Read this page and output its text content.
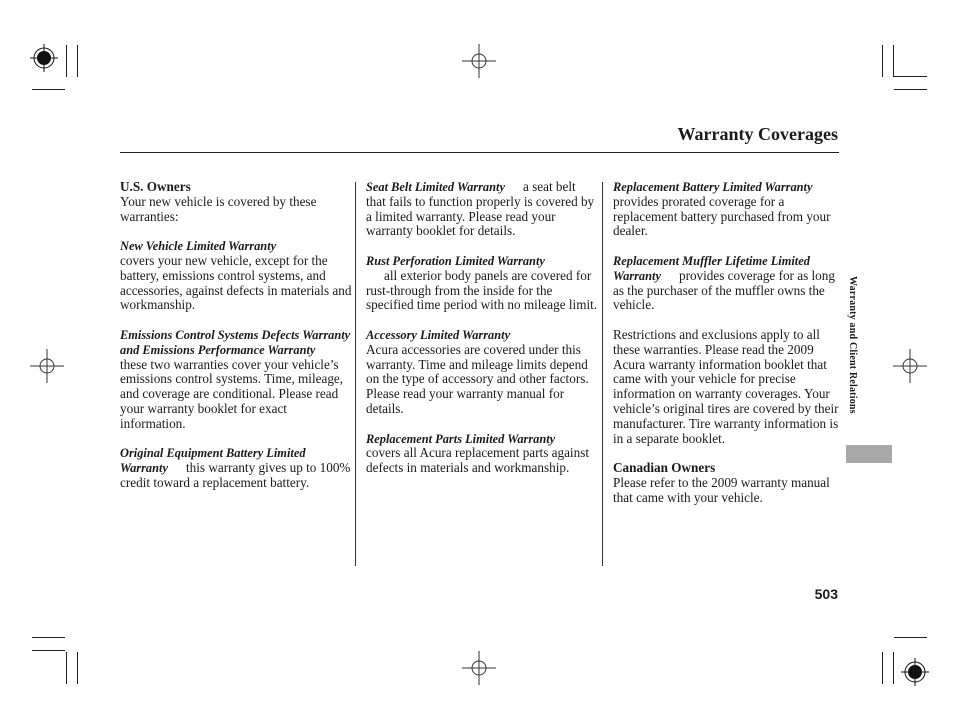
Warranty Coverages

U.S. Owners
Your new vehicle is covered by these warranties:

New Vehicle Limited Warranty
covers your new vehicle, except for the battery, emissions control systems, and accessories, against defects in materials and workmanship.

Emissions Control Systems Defects Warranty and Emissions Performance Warrantythese two warranties cover your vehicle’s emissions control systems. Time, mileage, and coverage are conditional. Please read your warranty booklet for exact information.

Original Equipment Battery Limited Warranty this warranty gives up to 100% credit toward a replacement battery.

Seat Belt Limited Warranty a seat belt that fails to function properly is covered by a limited warranty. Please read your warranty booklet for details.

Rust Perforation Limited Warranty
all exterior body panels are covered for rust-through from the inside for the specified time period with no mileage limit.

Accessory Limited Warranty
Acura accessories are covered under this warranty. Time and mileage limits depend on the type of accessory and other factors. Please read your warranty manual for details.

Replacement Parts Limited Warrantycovers all Acura replacement parts against defects in materials and workmanship.

Replacement Battery Limited Warrantyprovides prorated coverage for a replacement battery purchased from your dealer.

Replacement Muffler Lifetime Limited Warranty provides coverage for as long as the purchaser of the muffler owns the vehicle.

Restrictions and exclusions apply to all these warranties. Please read the 2009 Acura warranty information booklet that came with your vehicle for precise information on warranty coverages. Your vehicle’s original tires are covered by their manufacturer. Tire warranty information is in a separate booklet.

Canadian Owners
Please refer to the 2009 warranty manual that came with your vehicle.

Warranty and Client Relations
503
